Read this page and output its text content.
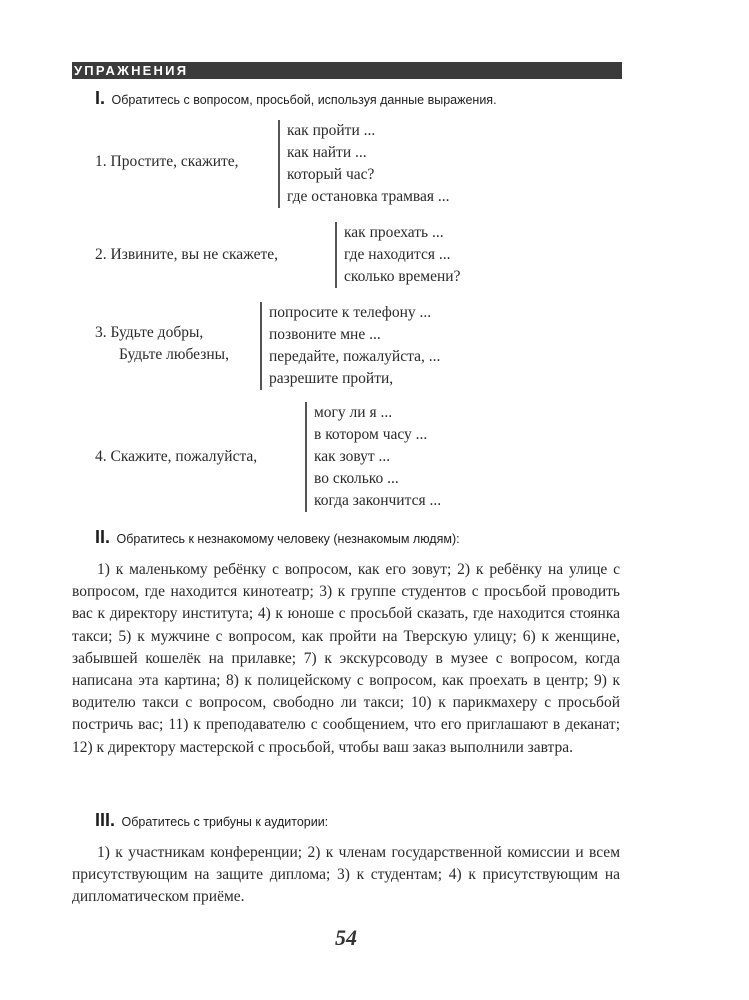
УПРАЖНЕНИЯ
I. Обратитесь с вопросом, просьбой, используя данные выражения.
1. Простите, скажите,
как пройти ...
как найти ...
который час?
где остановка трамвая ...
2. Извините, вы не скажете,
как проехать ...
где находится ...
сколько времени?
3. Будьте добры,
Будьте любезны,
попросите к телефону ...
позвоните мне ...
передайте, пожалуйста, ...
разрешите пройти,
4. Скажите, пожалуйста,
могу ли я ...
в котором часу ...
как зовут ...
во сколько ...
когда закончится ...
II. Обратитесь к незнакомому человеку (незнакомым людям):
1) к маленькому ребёнку с вопросом, как его зовут; 2) к ребёнку на улице с вопросом, где находится кинотеатр; 3) к группе студентов с просьбой проводить вас к директору института; 4) к юноше с просьбой сказать, где находится стоянка такси; 5) к мужчине с вопросом, как пройти на Тверскую улицу; 6) к женщине, забывшей кошелёк на прилавке; 7) к экскурсоводу в музее с вопросом, когда написана эта картина; 8) к полицейскому с вопросом, как проехать в центр; 9) к водителю такси с вопросом, свободно ли такси; 10) к парикмахеру с просьбой постричь вас; 11) к преподавателю с сообщением, что его приглашают в деканат; 12) к директору мастерской с просьбой, чтобы ваш заказ выполнили завтра.
III. Обратитесь с трибуны к аудитории:
1) к участникам конференции; 2) к членам государственной комиссии и всем присутствующим на защите диплома; 3) к студентам; 4) к присутствующим на дипломатическом приёме.
54
